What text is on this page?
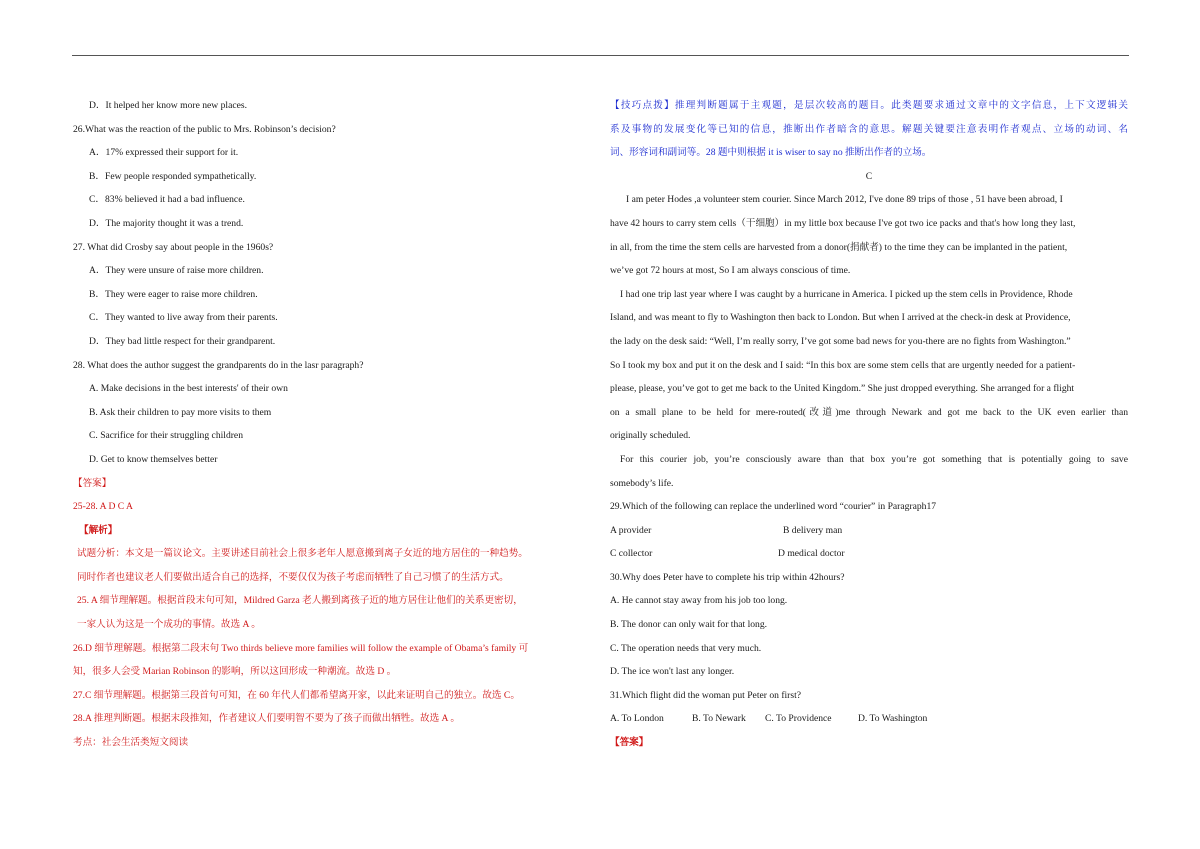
D．It helped her know more new places.
26.What was the reaction of the public to Mrs. Robinson’s decision?
A．17% expressed their support for it.
B．Few people responded sympathetically.
C．83% believed it had a bad influence.
D．The majority thought it was a trend.
27. What did Crosby say about people in the 1960s?
A．They were unsure of raise more children.
B．They were eager to raise more children.
C．They wanted to live away from their parents.
D．They bad little respect for their grandparent.
28. What does the author suggest the grandparents do in the lasr paragraph?
A. Make decisions in the best interests' of their own
B. Ask their children to pay more visits to them
C. Sacrifice for their struggling children
D. Get to know themselves better
【答案】
25-28. A D C A
【解析】
试题分析：本文是一篇议论文。主要讲述目前社会上很多老年人愿意搬到离子女近的地方居住的一种趋势。
同时作者也建议老人们要做出适合自己的选择，不要仅仅为孩子考虑而牺牲了自己习惯了的生活方式。
25. A 细节理解题。根据首段末句可知，Mildred Garza 老人搬到离孩子近的地方居住让他们的关系更密切，
一家人认为这是一个成功的事情。故选 A 。
26.D 细节理解题。根据第二段末句 Two thirds believe more families will follow the example of Obama’s family 可
知，很多人会受 Marian Robinson 的影响，所以这回形成一种潮流。故选 D 。
27.C 细节理解题。根据第三段首句可知，在 60 年代人们都希望离开家，以此来证明自己的独立。故选 C。
28.A 推理判断题。根据末段推知，作者建议人们要明智不要为了孩子而做出牺牲。故选 A 。
考点：社会生活类短文阅读
【技巧点拨】推理判断题属于主观题，是层次较高的题目。此类题要求通过文章中的文字信息，上下文逻辑关
系及事物的发展变化等已知的信息，推断出作者暗含的意思。解题关键要注意表明作者观点、立场的动词、名
词、形容词和副词等。28 题中则根据 it is wiser to say no 推断出作者的立场。
C
I am peter Hodes ,a volunteer stem courier. Since March 2012, I've done 89 trips of those , 51 have been abroad, I
have 42 hours to carry stem cells（干细胞）in my little box because I've got two ice packs and that's how long they last,
in all, from the time the stem cells are harvested from a donor(捐献者) to the time they can be implanted in the patient,
we’ve got 72 hours at most, So I am always conscious of time.
I had one trip last year where I was caught by a hurricane in America. I picked up the stem cells in Providence, Rhode
Island, and was meant to fly to Washington then back to London. But when I arrived at the check-in desk at Providence,
the lady on the desk said: “Well, I’m really sorry, I’ve got some bad news for you-there are no fights from Washington.”
So I took my box and put it on the desk and I said: “In this box are some stem cells that are urgently needed for a patient-
please, please, you’ve got to get me back to the United Kingdom.” She just dropped everything. She arranged for a flight
on a small plane to be held for mere-routed(改道)me through Newark and got me back to the UK even earlier than
originally scheduled.
For this courier job, you’re consciously aware than that box you’re got something that is potentially going to save
somebody’s life.
29.Which of the following can replace the underlined word “courier” in Paragraph17
A provider	B delivery man
C collector	D medical doctor
30.Why does Peter have to complete his trip within 42hours?
A. He cannot stay away from his job too long.
B. The donor can only wait for that long.
C. The operation needs that very much.
D. The ice won't last any longer.
31.Which flight did the woman put Peter on first?
A. To London	B. To Newark	C. To Providence	D. To Washington
【答案】
